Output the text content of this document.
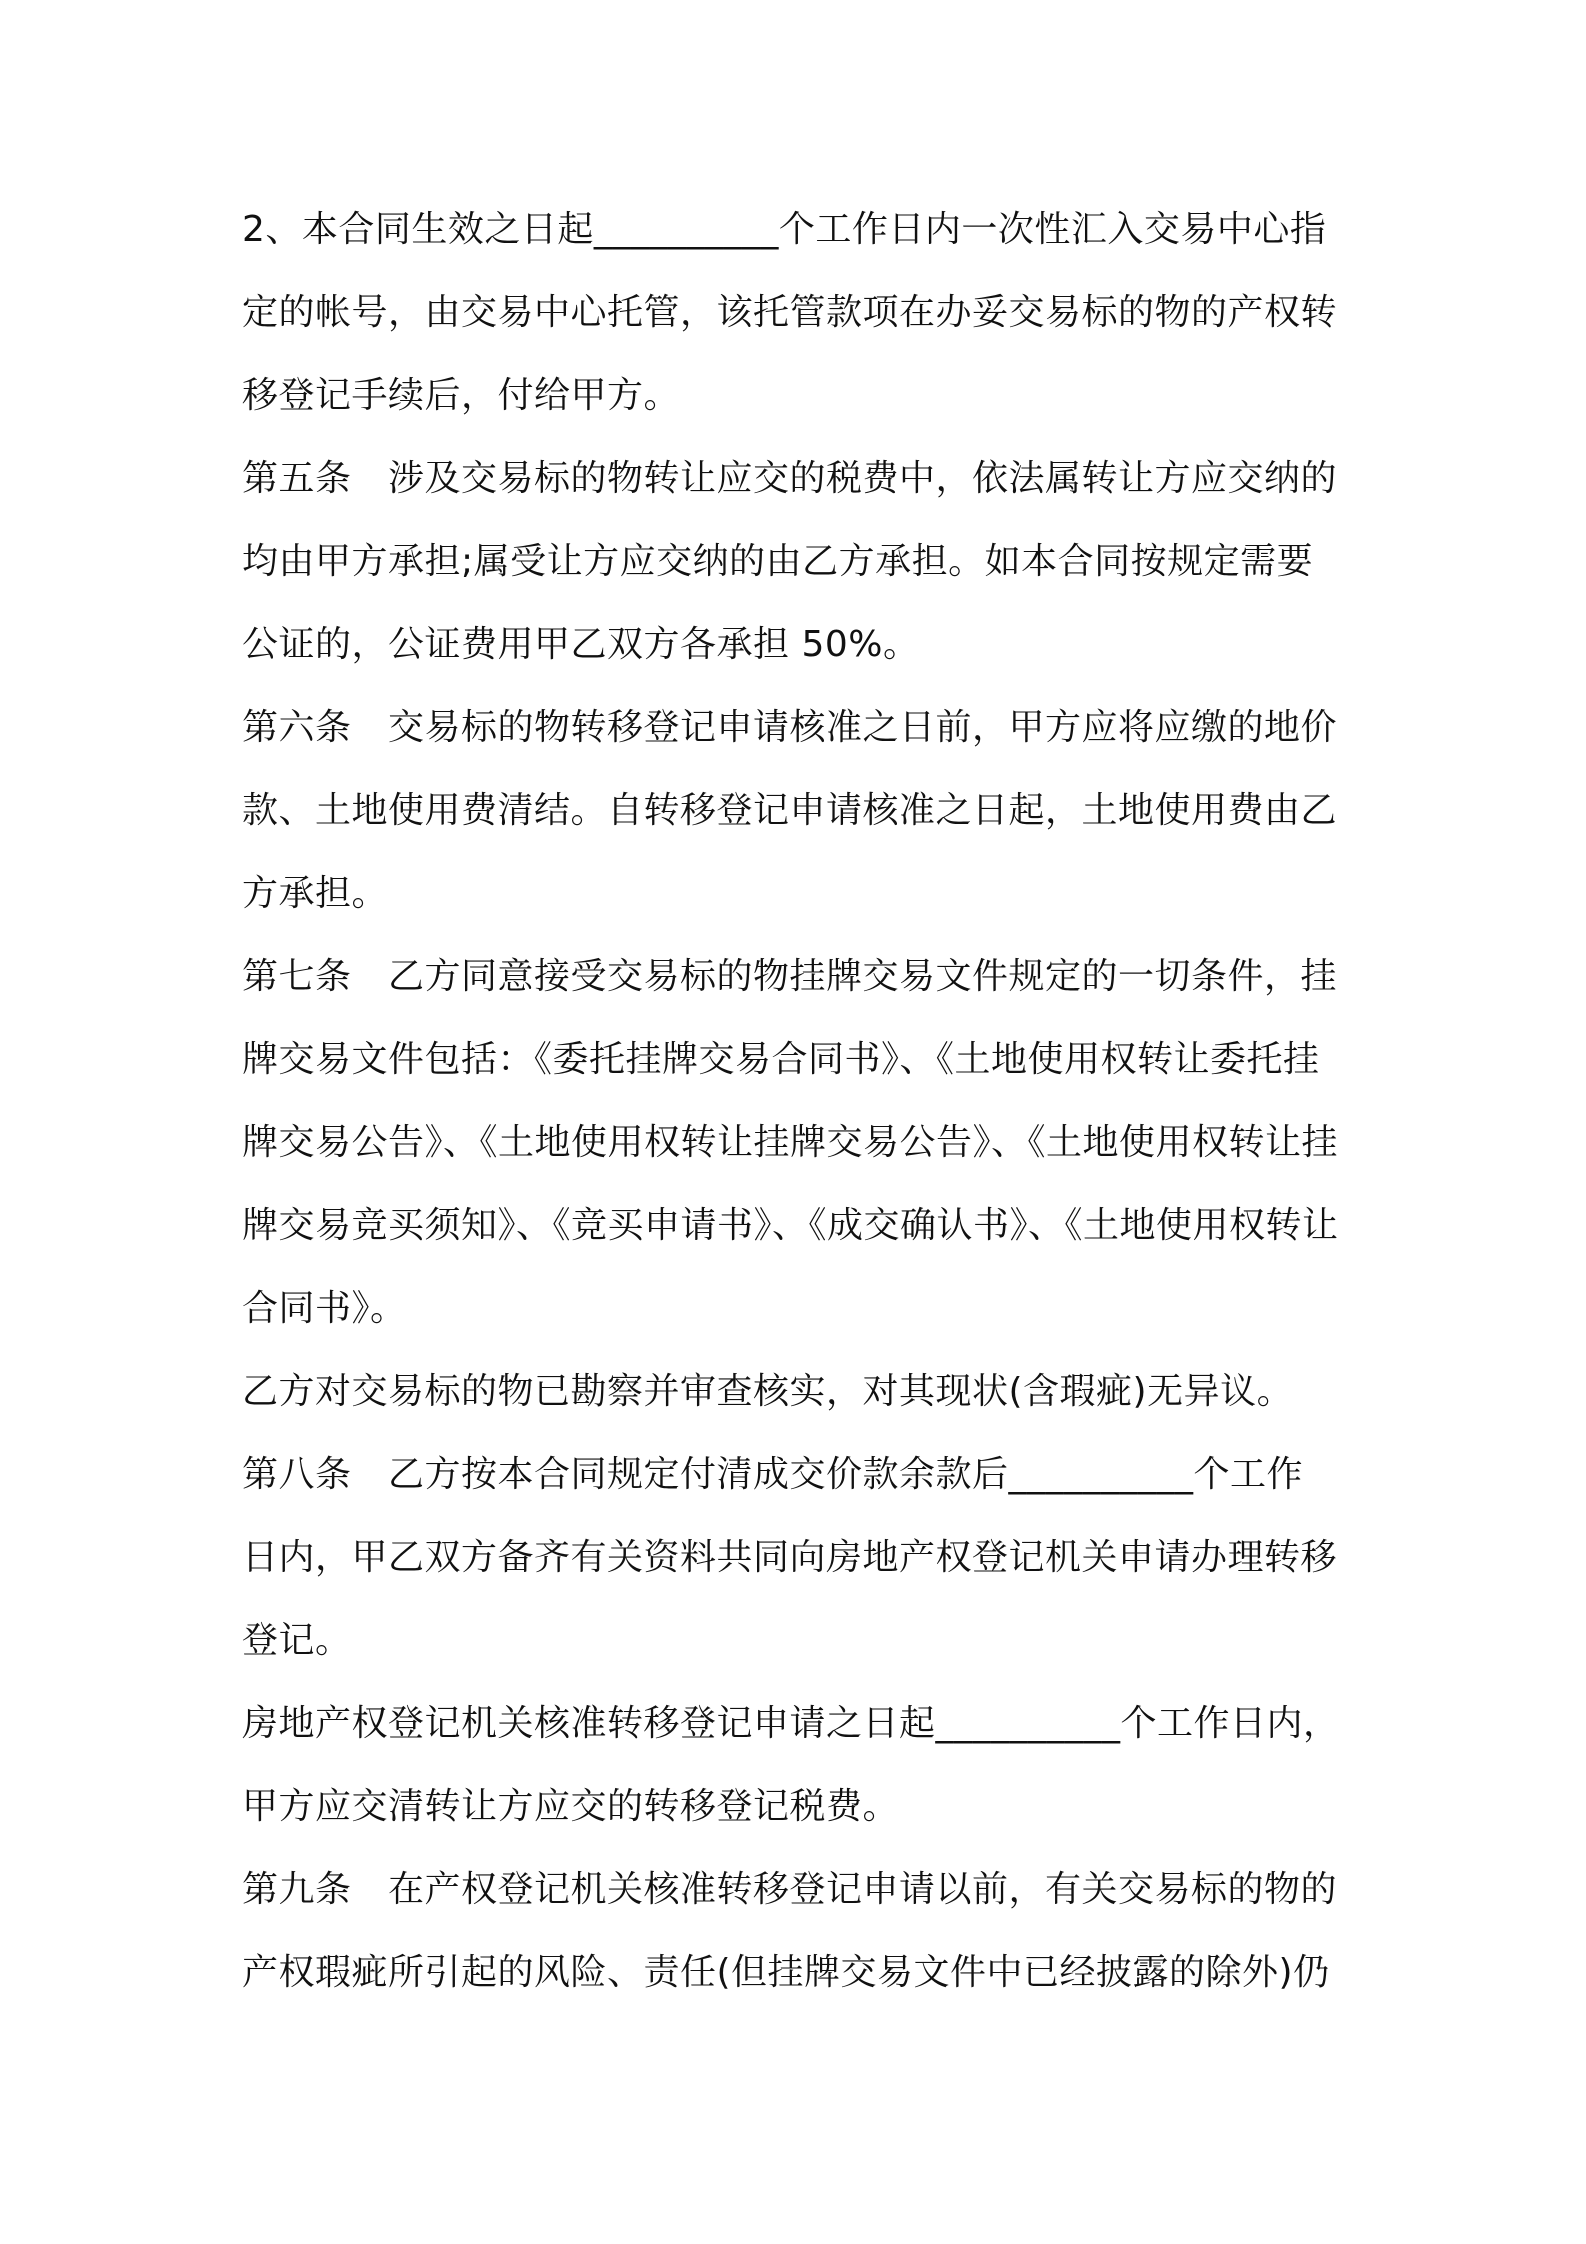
2、本合同生效之日起__________个工作日内一次性汇入交易中心指
定的帐号，由交易中心托管，该托管款项在办妥交易标的物的产权转
移登记手续后，付给甲方。
第五条　涉及交易标的物转让应交的税费中，依法属转让方应交纳的
均由甲方承担;属受让方应交纳的由乙方承担。如本合同按规定需要
公证的，公证费用甲乙双方各承担 50%。
第六条　交易标的物转移登记申请核准之日前，甲方应将应缴的地价
款、土地使用费清结。自转移登记申请核准之日起，土地使用费由乙
方承担。
第七条　乙方同意接受交易标的物挂牌交易文件规定的一切条件，挂
牌交易文件包括：《委托挂牌交易合同书》、《土地使用权转让委托挂
牌交易公告》、《土地使用权转让挂牌交易公告》、《土地使用权转让挂
牌交易竞买须知》、《竞买申请书》、《成交确认书》、《土地使用权转让
合同书》。
乙方对交易标的物已勘察并审查核实，对其现状(含瑕疵)无异议。
第八条　乙方按本合同规定付清成交价款余款后__________个工作
日内，甲乙双方备齐有关资料共同向房地产权登记机关申请办理转移
登记。
房地产权登记机关核准转移登记申请之日起__________个工作日内，
甲方应交清转让方应交的转移登记税费。
第九条　在产权登记机关核准转移登记申请以前，有关交易标的物的
产权瑕疵所引起的风险、责任(但挂牌交易文件中已经披露的除外)仍
